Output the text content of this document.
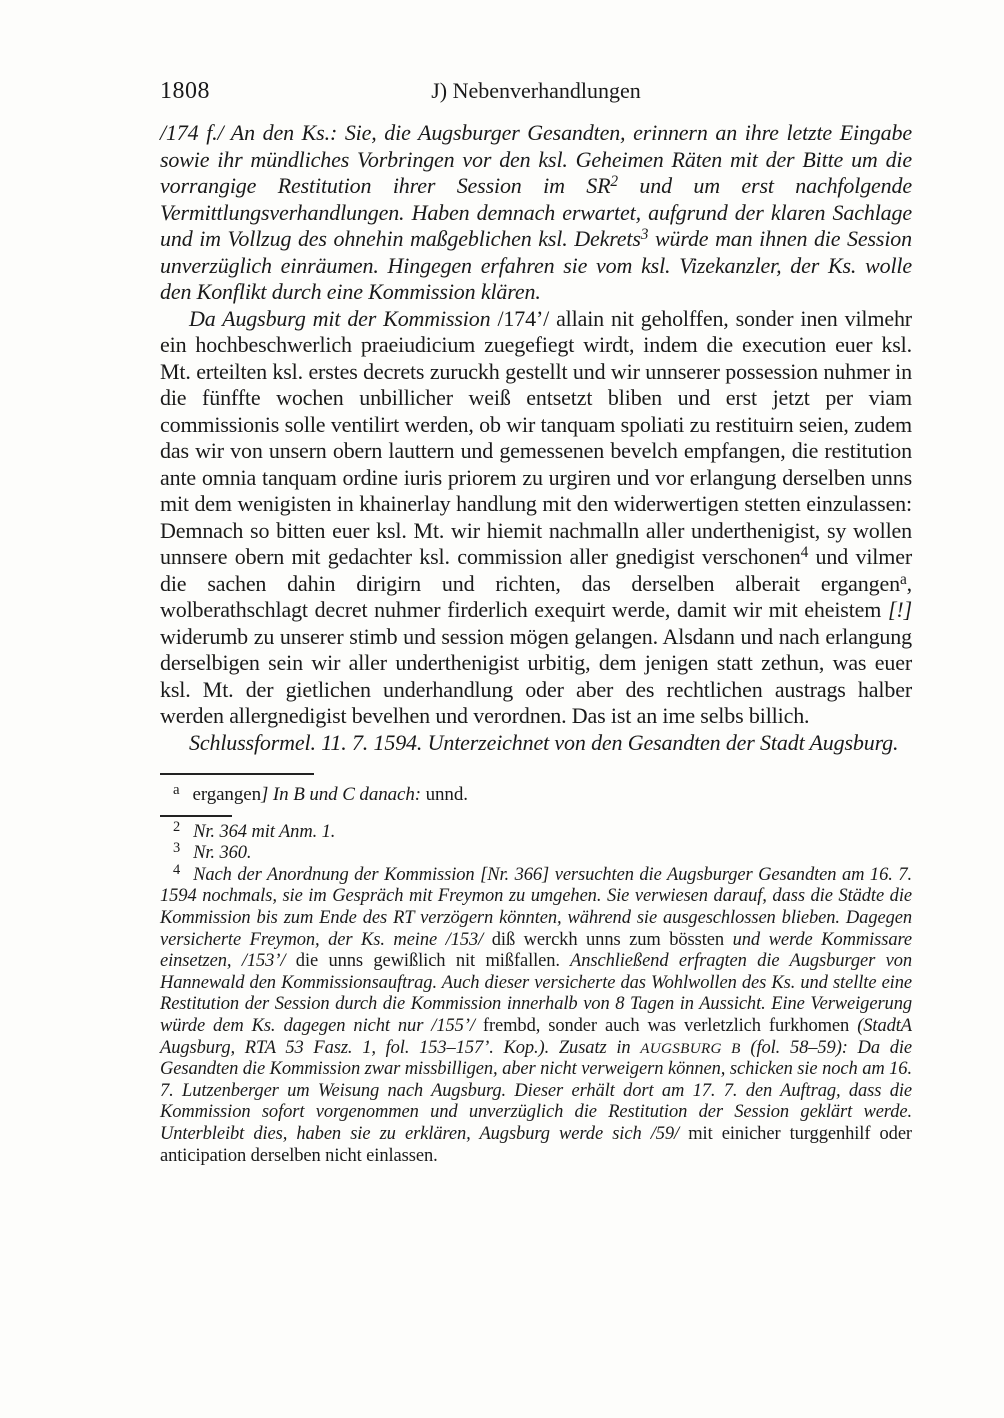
1808	J) Nebenverhandlungen

/174 f./ An den Ks.: Sie, die Augsburger Gesandten, erinnern an ihre letzte Eingabe sowie ihr mündliches Vorbringen vor den ksl. Geheimen Räten mit der Bitte um die vorrangige Restitution ihrer Session im $SR^2$ und um erst nachfolgende Vermittlungsverhandlungen. Haben demnach erwartet, aufgrund der klaren Sachlage und im Vollzug des ohnehin maßgeblichen ksl. Dekrets$^3$ würde man ihnen die Session unverzüglich einräumen. Hingegen erfahren sie vom ksl. Vizekanzler, der Ks. wolle den Konflikt durch eine Kommission klären.

Da Augsburg mit der Kommission /174’/ allain nit geholffen, sonder inen vilmehr ein hochbeschwerlich praeiudicium zuegefiegt wirdt, indem die execution euer ksl. Mt. erteilten ksl. erstes decrets zuruckh gestellt und wir unnserer possession nuhmer in die fünffte wochen unbillicher weiß entsetzt bliben und erst jetzt per viam commissionis solle ventilirt werden, ob wir tanquam spoliati zu restituirn seien, zudem das wir von unsern obern lauttern und gemessenen bevelch empfangen, die restitution ante omnia tanquam ordine iuris priorem zu urgiren und vor erlangung derselben unns mit dem wenigisten in khainerlay handlung mit den widerwertigen stetten einzulassen: Demnach so bitten euer ksl. Mt. wir hiemit nachmalln aller underthenigist, sy wollen unnsere obern mit gedachter ksl. commission aller gnedigist verschonen$^4$ und vilmer die sachen dahin dirigirn und richten, das derselben alberait ergangen$^a$, wolberathschlagt decret nuhmer firderlich exequirt werde, damit wir mit eheistem [!] widerumb zu unserer stimb und session mögen gelangen. Alsdann und nach erlangung derselbigen sein wir aller underthenigist urbitig, dem jenigen statt zethun, was euer ksl. Mt. der gietlichen underhandlung oder aber des rechtlichen austrags halber werden allergnedigist bevelhen und verordnen. Das ist an ime selbs billich.

Schlussformel. 11. 7. 1594. Unterzeichnet von den Gesandten der Stadt Augsburg.

$^a$ ergangen] In B und C danach: unnd.
$^2$ Nr. 364 mit Anm. 1.
$^3$ Nr. 360.
$^4$ Nach der Anordnung der Kommission [Nr. 366] versuchten die Augsburger Gesandten am 16. 7. 1594 nochmals, sie im Gespräch mit Freymon zu umgehen. Sie verwiesen darauf, dass die Städte die Kommission bis zum Ende des RT verzögern könnten, während sie ausgeschlossen blieben. Dagegen versicherte Freymon, der Ks. meine /153/ diß werckh unns zum bössten und werde Kommissare einsetzen, /153’/ die unns gewißlich nit mißfallen. Anschließend erfragten die Augsburger von Hannewald den Kommissionsauftrag. Auch dieser versicherte das Wohlwollen des Ks. und stellte eine Restitution der Session durch die Kommission innerhalb von 8 Tagen in Aussicht. Eine Verweigerung würde dem Ks. dagegen nicht nur /155’/ frembd, sonder auch was verletzlich furkhomen (StadtA Augsburg, RTA 53 Fasz. 1, fol. 153–157’. Kop.). Zusatz in AUGSBURG B (fol. 58–59): Da die Gesandten die Kommission zwar missbilligen, aber nicht verweigern können, schicken sie noch am 16. 7. Lutzenberger um Weisung nach Augsburg. Dieser erhält dort am 17. 7. den Auftrag, dass die Kommission sofort vorgenommen und unverzüglich die Restitution der Session geklärt werde. Unterbleibt dies, haben sie zu erklären, Augsburg werde sich /59/ mit einicher turggenhilf oder anticipation derselben nicht einlassen.
